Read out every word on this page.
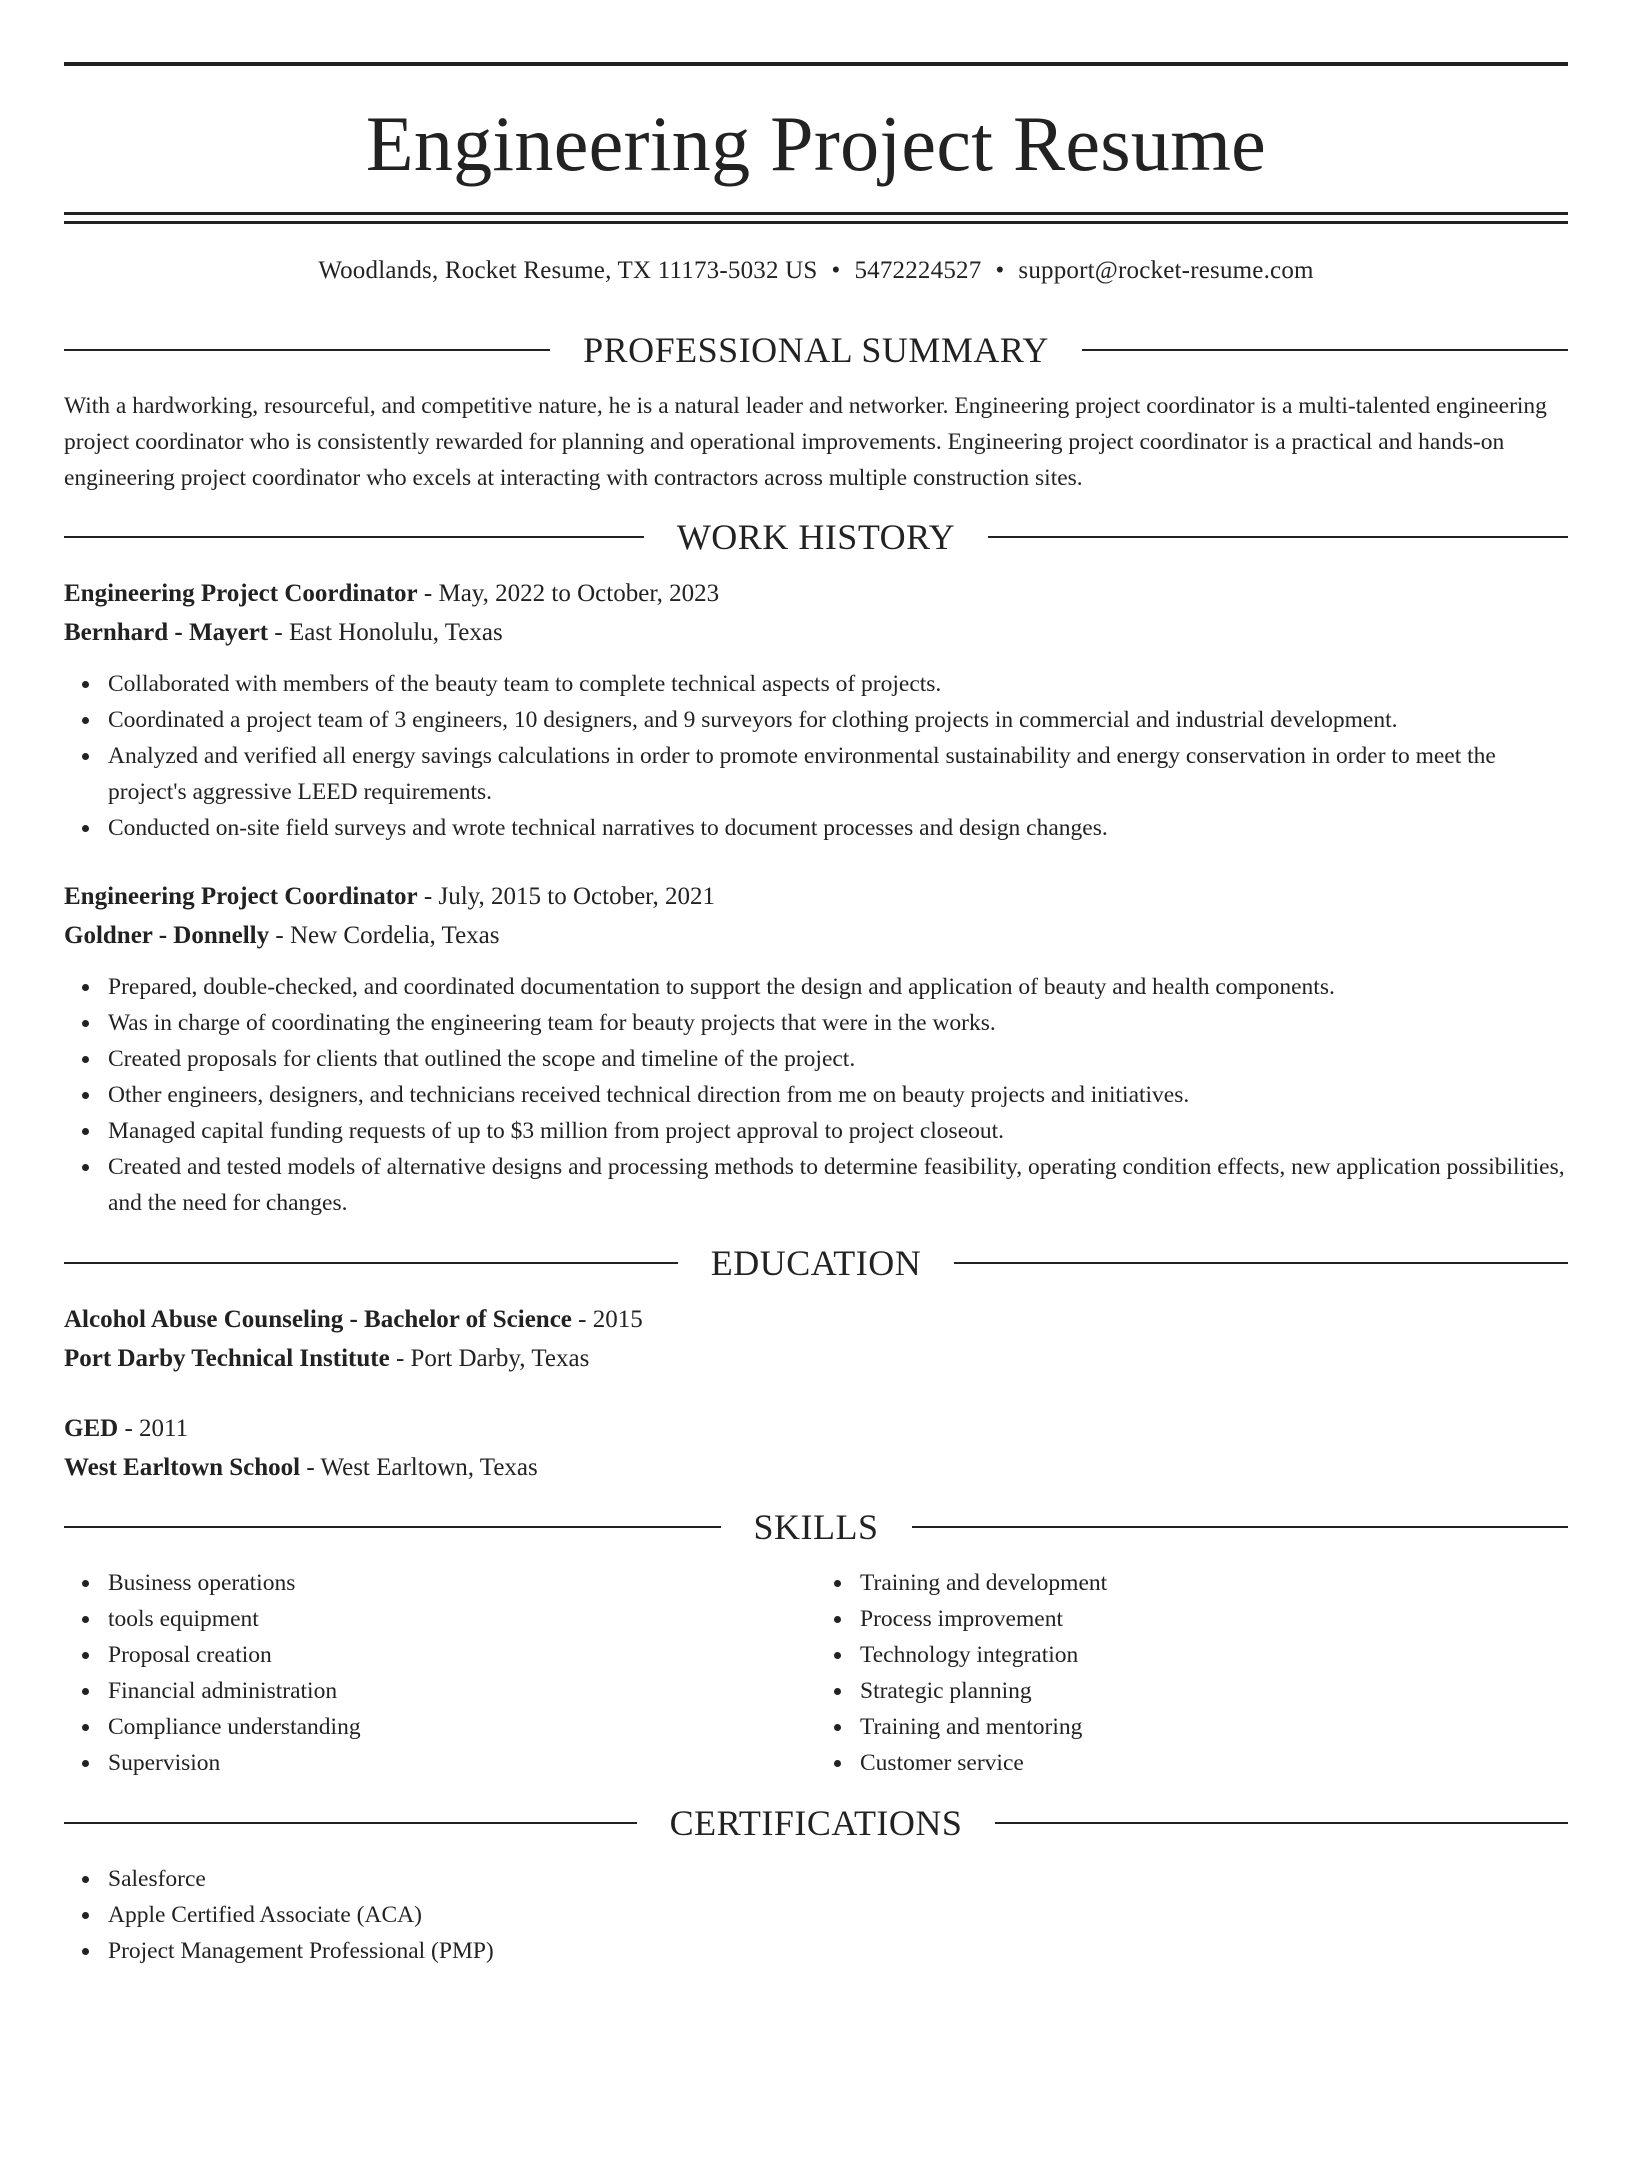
Engineering Project Resume
Woodlands, Rocket Resume, TX 11173-5032 US • 5472224527 • support@rocket-resume.com
PROFESSIONAL SUMMARY

With a hardworking, resourceful, and competitive nature, he is a natural leader and networker. Engineering project coordinator is a multi-talented engineering project coordinator who is consistently rewarded for planning and operational improvements. Engineering project coordinator is a practical and hands-on engineering project coordinator who excels at interacting with contractors across multiple construction sites.

WORK HISTORY

Engineering Project Coordinator - May, 2022 to October, 2023

Bernhard - Mayert - East Honolulu, Texas

Collaborated with members of the beauty team to complete technical aspects of projects.
Coordinated a project team of 3 engineers, 10 designers, and 9 surveyors for clothing projects in commercial and industrial development.
Analyzed and verified all energy savings calculations in order to promote environmental sustainability and energy conservation in order to meet the project's aggressive LEED requirements.
Conducted on-site field surveys and wrote technical narratives to document processes and design changes.

Engineering Project Coordinator - July, 2015 to October, 2021

Goldner - Donnelly - New Cordelia, Texas

Prepared, double-checked, and coordinated documentation to support the design and application of beauty and health components.
Was in charge of coordinating the engineering team for beauty projects that were in the works.
Created proposals for clients that outlined the scope and timeline of the project.
Other engineers, designers, and technicians received technical direction from me on beauty projects and initiatives.
Managed capital funding requests of up to $3 million from project approval to project closeout.
Created and tested models of alternative designs and processing methods to determine feasibility, operating condition effects, new application possibilities, and the need for changes.
EDUCATION

Alcohol Abuse Counseling - Bachelor of Science - 2015

Port Darby Technical Institute - Port Darby, Texas

GED - 2011

West Earltown School - West Earltown, Texas

SKILLS
Business operations
tools equipment
Proposal creation
Financial administration
Compliance understanding
Supervision
Training and development
Process improvement
Technology integration
Strategic planning
Training and mentoring
Customer service
CERTIFICATIONS
Salesforce
Apple Certified Associate (ACA)
Project Management Professional (PMP)
